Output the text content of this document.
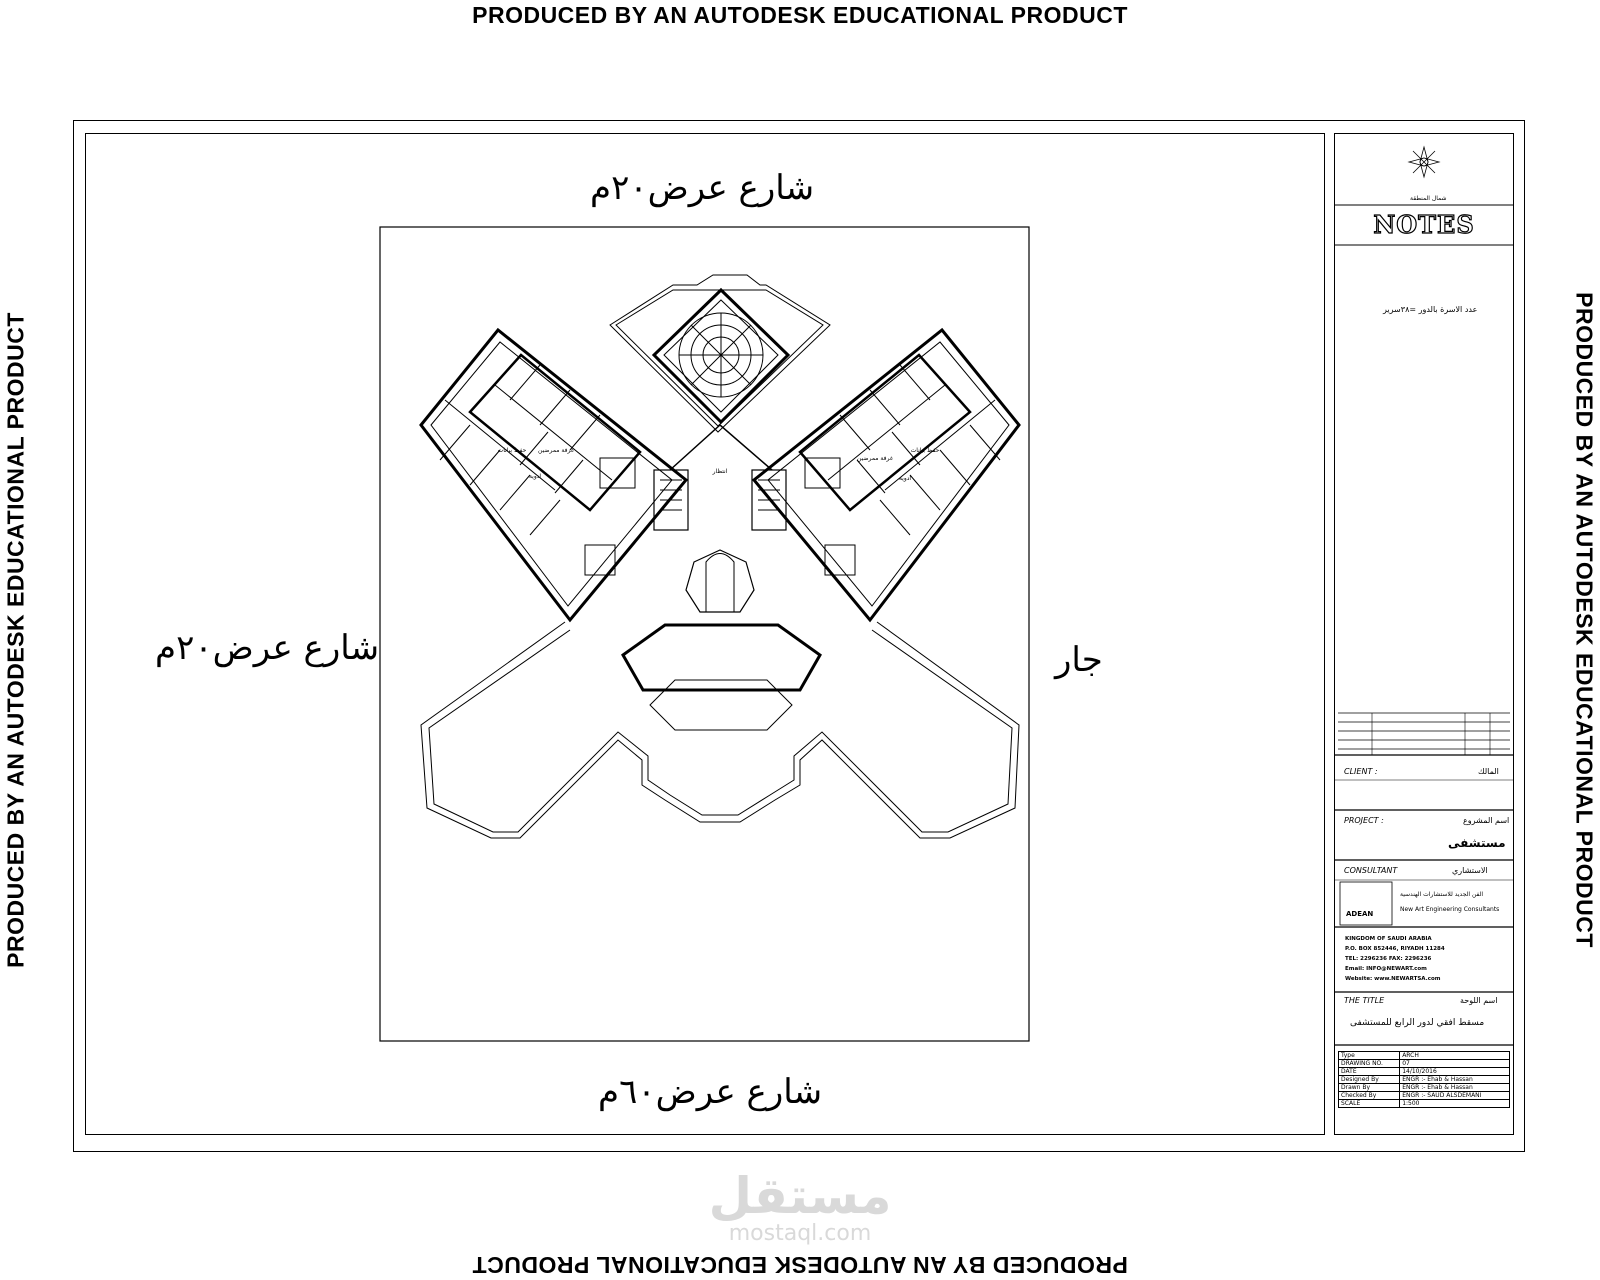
PRODUCED BY AN AUTODESK EDUCATIONAL PRODUCT
PRODUCED BY AN AUTODESK EDUCATIONAL PRODUCT
PRODUCED BY AN AUTODESK EDUCATIONAL PRODUCT	PRODUCED BY AN AUTODESK EDUCATIONAL PRODUCT
شارع عرض٢٠م
شارع عرض٢٠م
شارع عرض٦٠م
جار
انتظار
ادوية	ادوية
حفظ بيانات	حفظ بيانات
غرفة ممرضين
غرفة ممرضين
شمال المنطقة
NOTES
عدد الاسرة بالدور =٣٨سرير
CLIENT :	المالك
PROJECT :	اسم المشروع
مستشفى
CONSULTANT	الاستشاري
ADEAN
الفن الجديد للاستشارات الهندسية
New Art Engineering Consultants
KINGDOM OF SAUDI ARABIA
P.O. BOX 852446, RIYADH 11284
TEL: 2296236 FAX: 2296236
Email: INFO@NEWART.com
Website: www.NEWARTSA.com
THE TITLE	اسم اللوحة
مسقط افقي لدور الرابع للمستشفى
Type	ARCH
DRAWING NO.	07
DATE	14/10/2016
Designed By	ENGR :- Ehab & Hassan
Drawn By	ENGR :- Ehab & Hassan
Checked By	ENGR :- SAUD ALSDEMANI
SCALE	1:500
مستقل
mostaql.com
